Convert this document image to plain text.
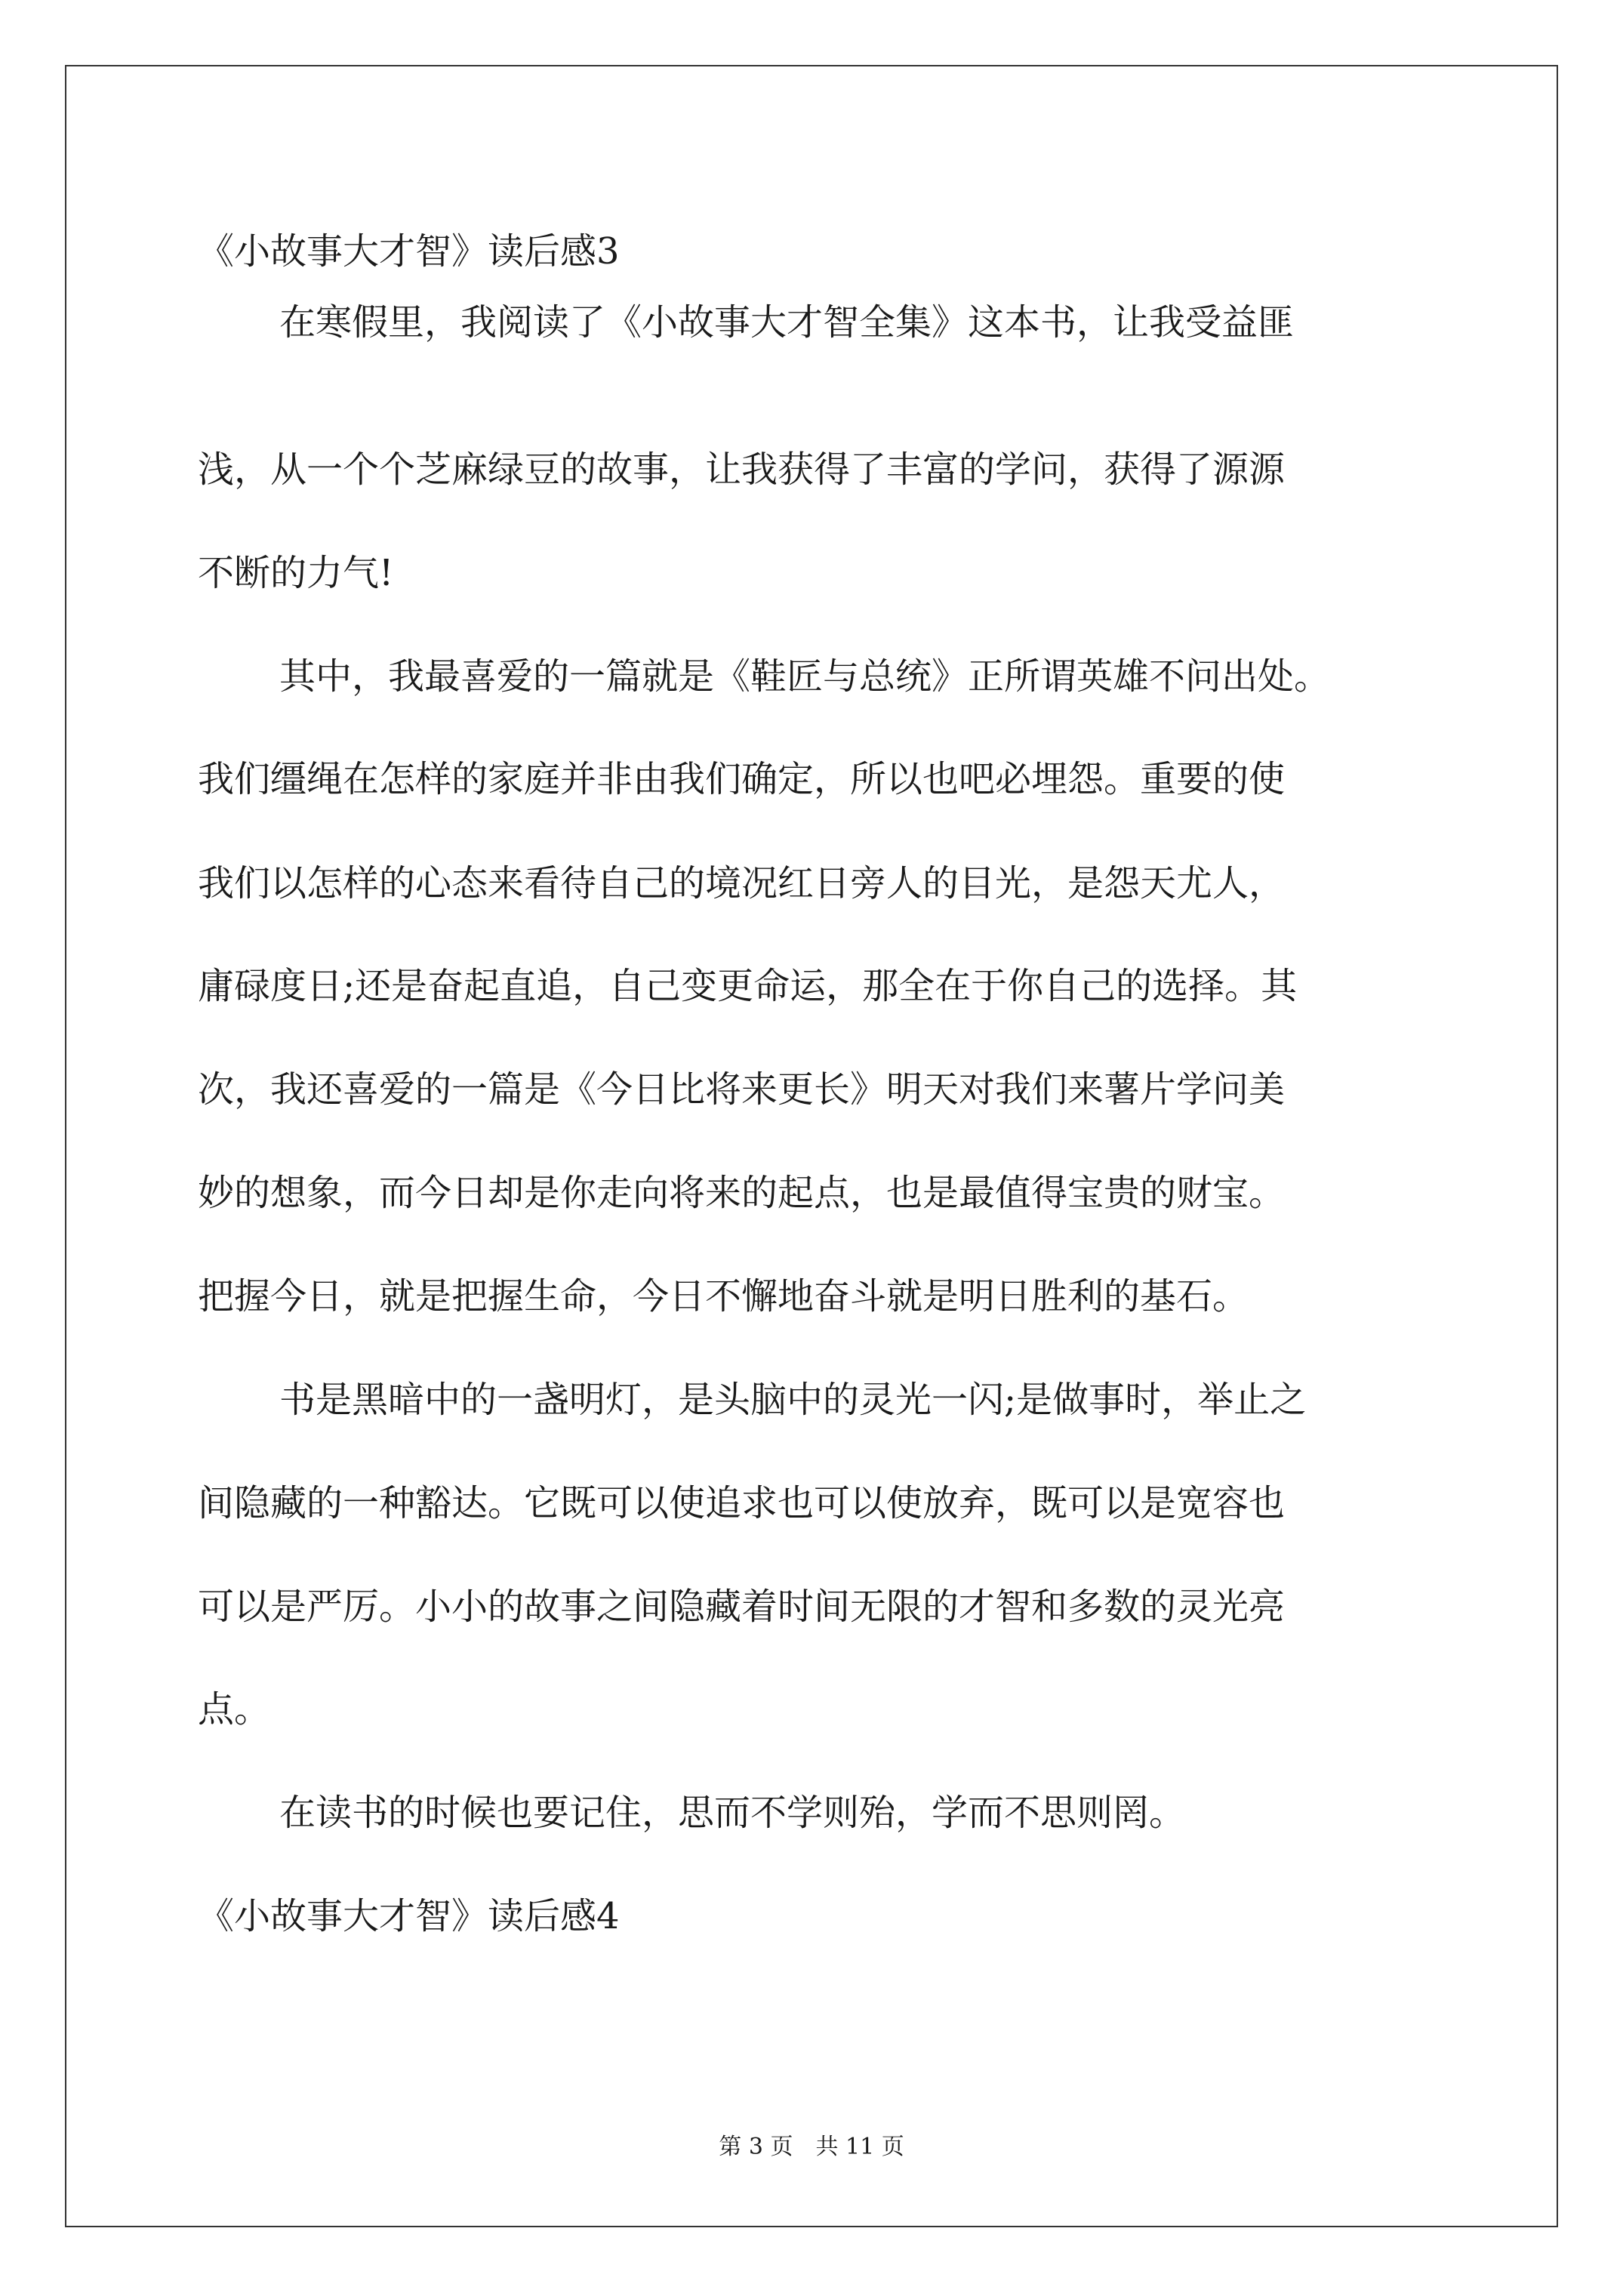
《小故事大才智》读后感3
在寒假里，我阅读了《小故事大才智全集》这本书，让我受益匪
浅，从一个个芝麻绿豆的故事，让我获得了丰富的学问，获得了源源
不断的力气!
其中，我最喜爱的一篇就是《鞋匠与总统》正所谓英雄不问出处。
我们缰绳在怎样的家庭并非由我们确定，所以也吧必埋怨。重要的使
我们以怎样的心态来看待自己的境况红日旁人的目光，是怨天尤人，
庸碌度日;还是奋起直追，自己变更命运，那全在于你自己的选择。其
次，我还喜爱的一篇是《今日比将来更长》明天对我们来薯片学问美
妙的想象，而今日却是你走向将来的起点，也是最值得宝贵的财宝。
把握今日，就是把握生命，今日不懈地奋斗就是明日胜利的基石。
书是黑暗中的一盏明灯，是头脑中的灵光一闪;是做事时，举止之
间隐藏的一种豁达。它既可以使追求也可以使放弃，既可以是宽容也
可以是严厉。小小的故事之间隐藏着时间无限的才智和多数的灵光亮
点。
在读书的时候也要记住，思而不学则殆，学而不思则罔。
《小故事大才智》读后感4
第 3 页　共 11 页
